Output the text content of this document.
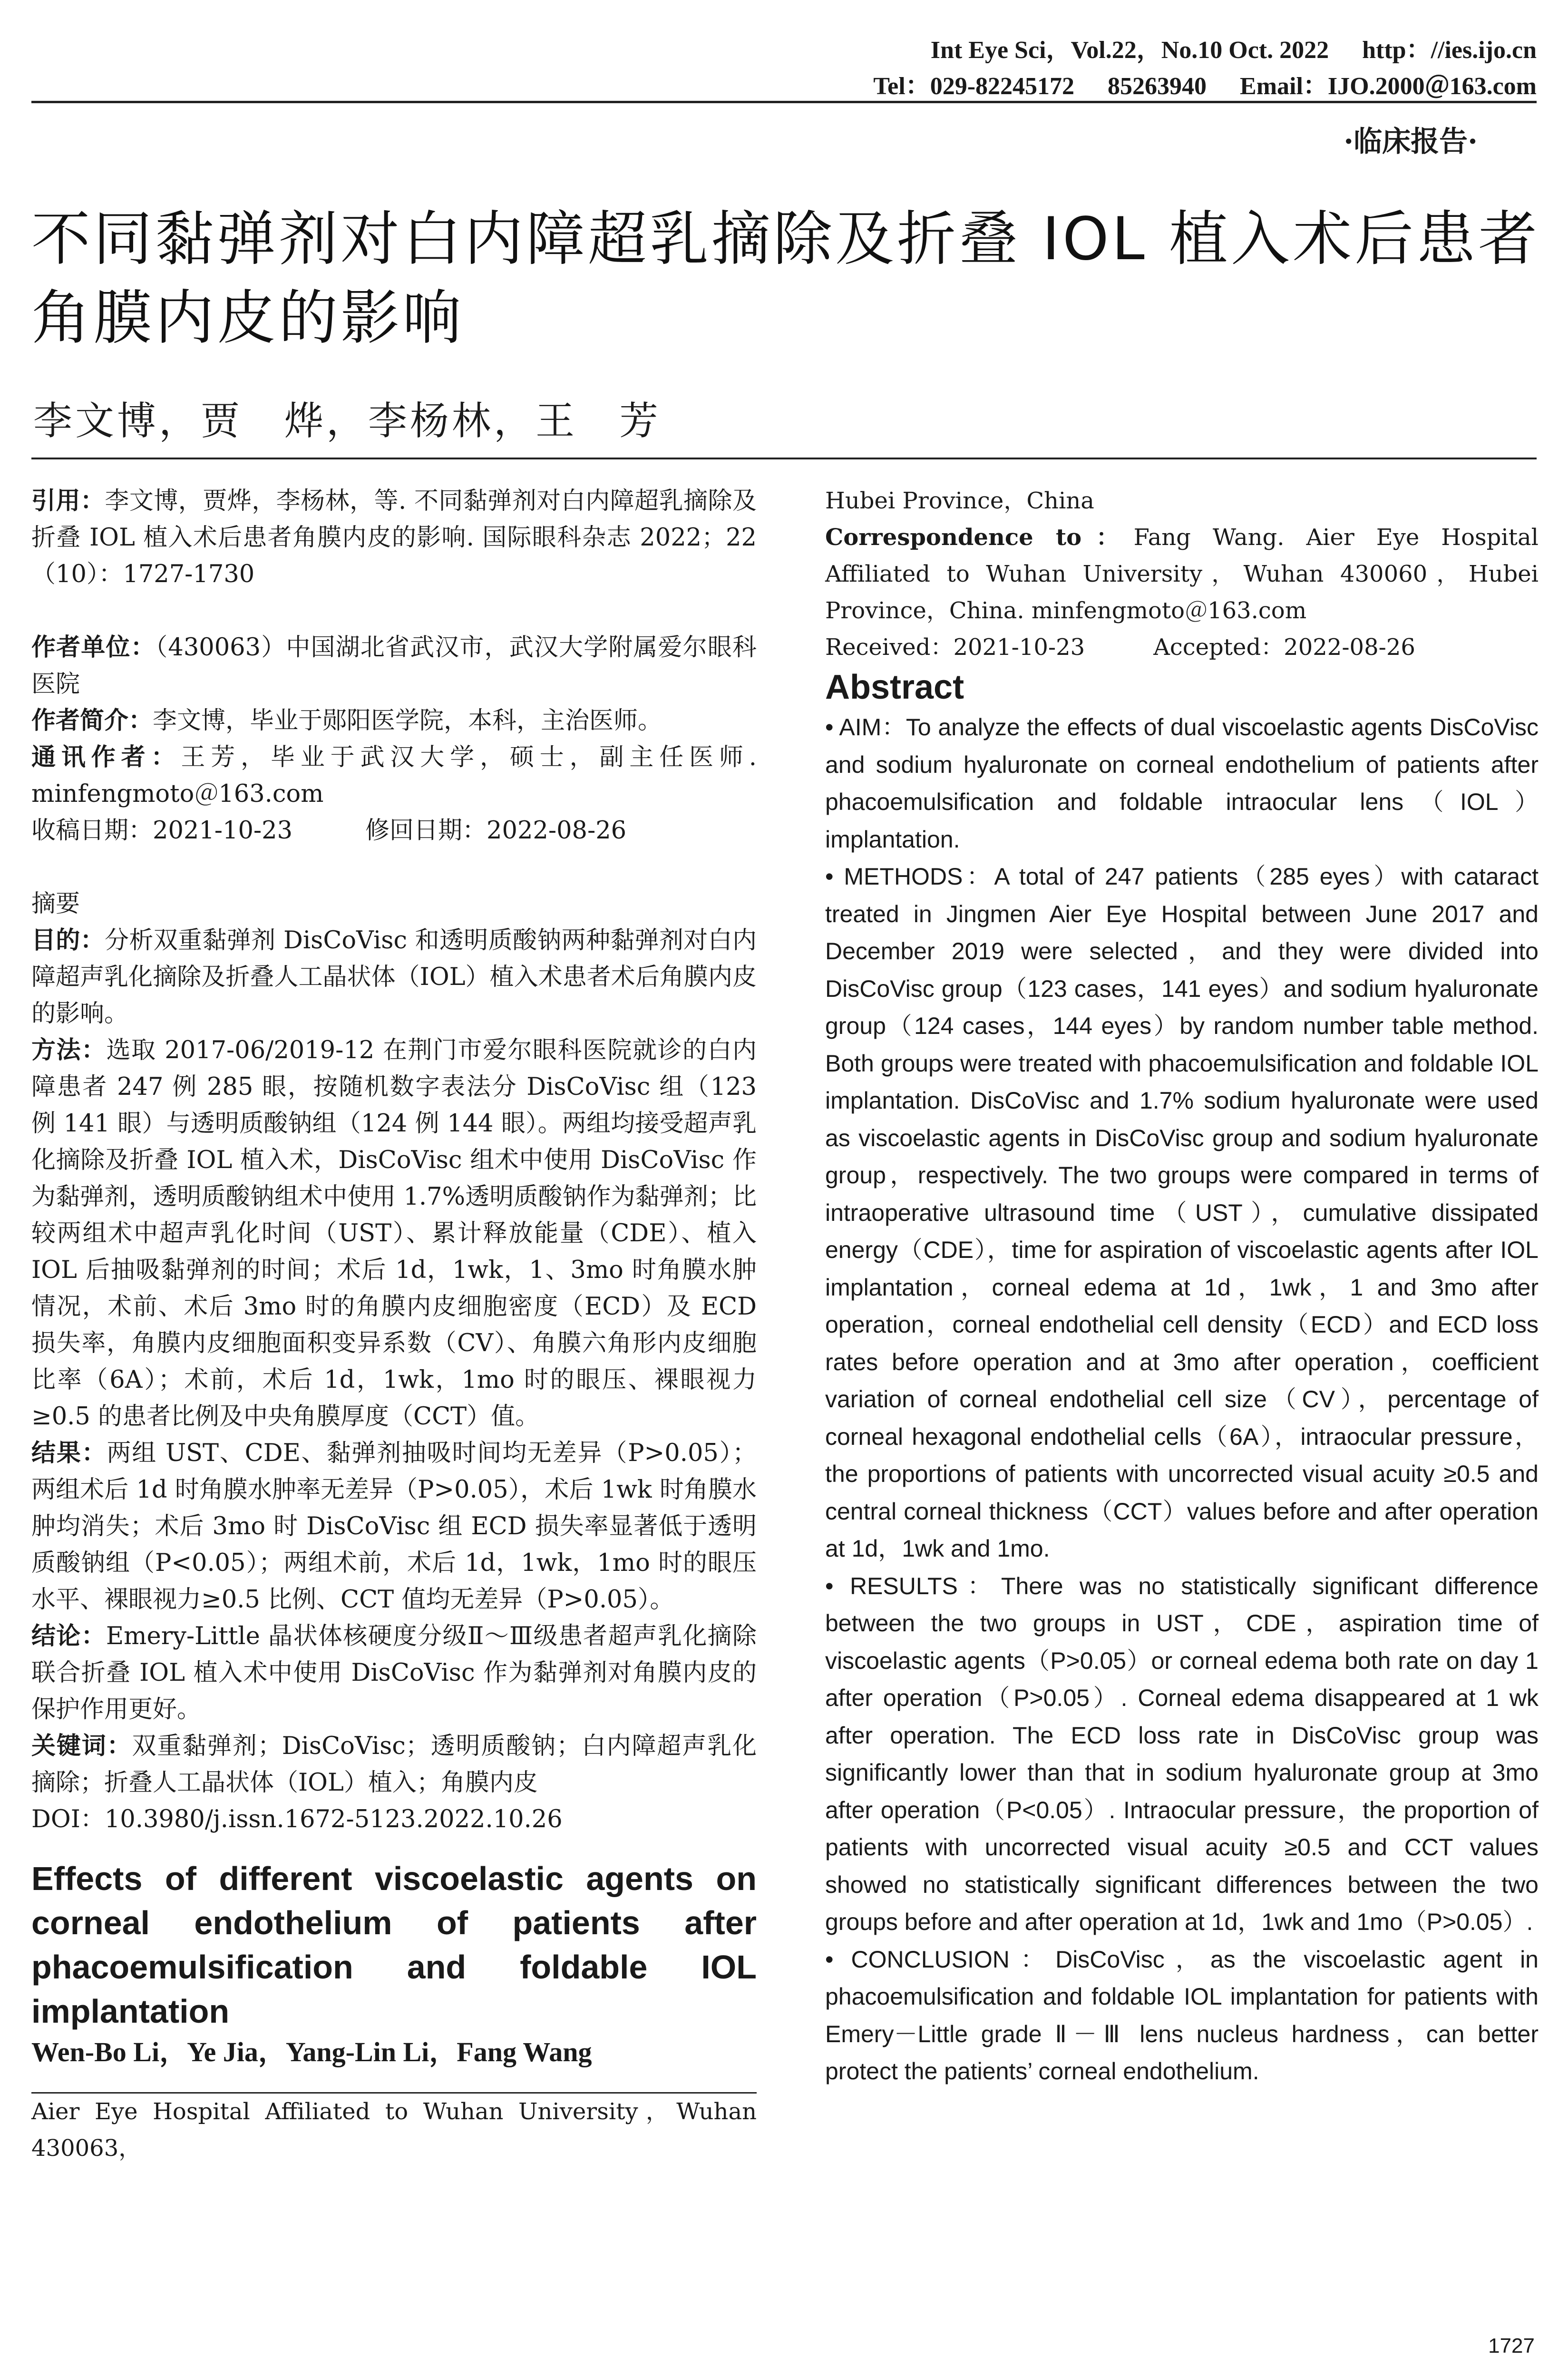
Int Eye Sci，Vol.22，No.10 Oct. 2022 http：//ies.ijo.cn
Tel：029-82245172 85263940 Email：IJO.2000＠163.com
·临床报告·
不同黏弹剂对白内障超乳摘除及折叠 IOL 植入术后患者角膜内皮的影响
李文博，贾　烨，李杨林，王　芳

引用：李文博，贾烨，李杨林，等. 不同黏弹剂对白内障超乳摘除及折叠 IOL 植入术后患者角膜内皮的影响. 国际眼科杂志 2022；22（10）：1727-1730

作者单位：（430063）中国湖北省武汉市，武汉大学附属爱尔眼科医院

作者简介：李文博，毕业于郧阳医学院，本科，主治医师。

通讯作者：王芳，毕业于武汉大学，硕士，副主任医师. minfengmoto＠163.com

收稿日期：2021-10-23　　　修回日期：2022-08-26

摘要

目的：分析双重黏弹剂 DisCoVisc 和透明质酸钠两种黏弹剂对白内障超声乳化摘除及折叠人工晶状体（IOL）植入术患者术后角膜内皮的影响。

方法：选取 2017-06/2019-12 在荆门市爱尔眼科医院就诊的白内障患者 247 例 285 眼，按随机数字表法分 DisCoVisc 组（123 例 141 眼）与透明质酸钠组（124 例 144 眼）。两组均接受超声乳化摘除及折叠 IOL 植入术，DisCoVisc 组术中使用 DisCoVisc 作为黏弹剂，透明质酸钠组术中使用 1.7%透明质酸钠作为黏弹剂；比较两组术中超声乳化时间（UST）、累计释放能量（CDE）、植入 IOL 后抽吸黏弹剂的时间；术后 1d，1wk，1、3mo 时角膜水肿情况，术前、术后 3mo 时的角膜内皮细胞密度（ECD）及 ECD 损失率，角膜内皮细胞面积变异系数（CV）、角膜六角形内皮细胞比率（6A）；术前，术后 1d，1wk，1mo 时的眼压、裸眼视力≥0.5 的患者比例及中央角膜厚度（CCT）值。

结果：两组 UST、CDE、黏弹剂抽吸时间均无差异（P>0.05）；两组术后 1d 时角膜水肿率无差异（P>0.05），术后 1wk 时角膜水肿均消失；术后 3mo 时 DisCoVisc 组 ECD 损失率显著低于透明质酸钠组（P<0.05）；两组术前，术后 1d，1wk，1mo 时的眼压水平、裸眼视力≥0.5 比例、CCT 值均无差异（P>0.05）。

结论：Emery-Little 晶状体核硬度分级Ⅱ～Ⅲ级患者超声乳化摘除联合折叠 IOL 植入术中使用 DisCoVisc 作为黏弹剂对角膜内皮的保护作用更好。

关键词：双重黏弹剂；DisCoVisc；透明质酸钠；白内障超声乳化摘除；折叠人工晶状体（IOL）植入；角膜内皮

DOI：10.3980/j.issn.1672-5123.2022.10.26

Effects of different viscoelastic agents on corneal endothelium of patients after phacoemulsification and foldable IOL implantation

Wen-Bo Li，Ye Jia，Yang-Lin Li，Fang Wang

Aier Eye Hospital Affiliated to Wuhan University，Wuhan 430063，

Hubei Province，China

Correspondence to：Fang Wang. Aier Eye Hospital Affiliated to Wuhan University，Wuhan 430060，Hubei Province，China. minfengmoto＠163.com

Received：2021-10-23　　　Accepted：2022-08-26

Abstract

• AIM：To analyze the effects of dual viscoelastic agents DisCoVisc and sodium hyaluronate on corneal endothelium of patients after phacoemulsification and foldable intraocular lens（IOL）implantation.

• METHODS：A total of 247 patients（285 eyes）with cataract treated in Jingmen Aier Eye Hospital between June 2017 and December 2019 were selected，and they were divided into DisCoVisc group（123 cases，141 eyes）and sodium hyaluronate group（124 cases，144 eyes）by random number table method. Both groups were treated with phacoemulsification and foldable IOL implantation. DisCoVisc and 1.7% sodium hyaluronate were used as viscoelastic agents in DisCoVisc group and sodium hyaluronate group，respectively. The two groups were compared in terms of intraoperative ultrasound time（UST），cumulative dissipated energy（CDE），time for aspiration of viscoelastic agents after IOL implantation，corneal edema at 1d，1wk，1 and 3mo after operation，corneal endothelial cell density（ECD）and ECD loss rates before operation and at 3mo after operation，coefficient variation of corneal endothelial cell size（CV），percentage of corneal hexagonal endothelial cells（6A），intraocular pressure，the proportions of patients with uncorrected visual acuity ≥0.5 and central corneal thickness（CCT）values before and after operation at 1d，1wk and 1mo.

• RESULTS：There was no statistically significant difference between the two groups in UST，CDE，aspiration time of viscoelastic agents（P>0.05）or corneal edema both rate on day 1 after operation（P>0.05）. Corneal edema disappeared at 1 wk after operation. The ECD loss rate in DisCoVisc group was significantly lower than that in sodium hyaluronate group at 3mo after operation（P<0.05）. Intraocular pressure，the proportion of patients with uncorrected visual acuity ≥0.5 and CCT values showed no statistically significant differences between the two groups before and after operation at 1d，1wk and 1mo（P>0.05）.

• CONCLUSION：DisCoVisc，as the viscoelastic agent in phacoemulsification and foldable IOL implantation for patients with Emery－Little grade Ⅱ－Ⅲ lens nucleus hardness，can better protect the patients’ corneal endothelium.

1727
